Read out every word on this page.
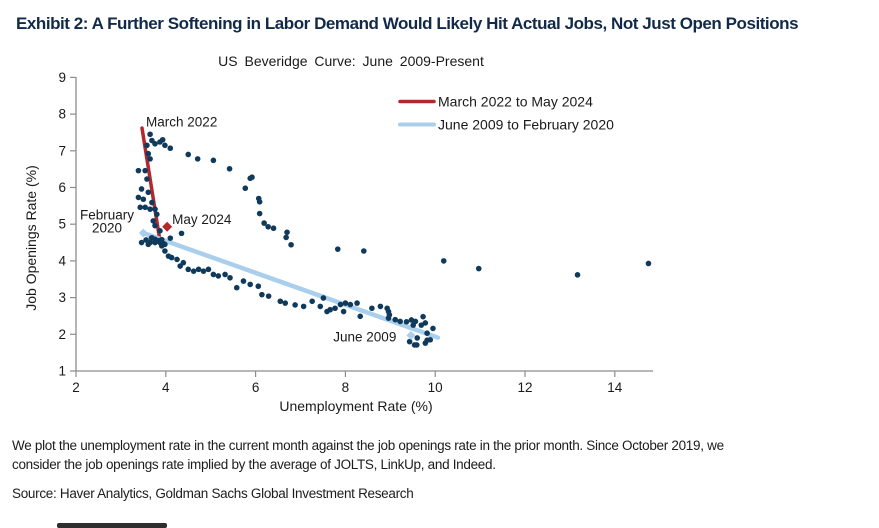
Exhibit 2: A Further Softening in Labor Demand Would Likely Hit Actual Jobs, Not Just Open Positions
US Beveridge Curve: June 2009-Present
1
2
3
4
5
6
7
8
9
2	4	6	8	10	12	14
Unemployment Rate (%)
Job Openings Rate (%)
March 2022
May 2024
February 2020
June 2009
March 2022 to May 2024
June 2009 to February 2020
We plot the unemployment rate in the current month against the job openings rate in the prior month. Since October 2019, we
consider the job openings rate implied by the average of JOLTS, LinkUp, and Indeed.
Source: Haver Analytics, Goldman Sachs Global Investment Research
